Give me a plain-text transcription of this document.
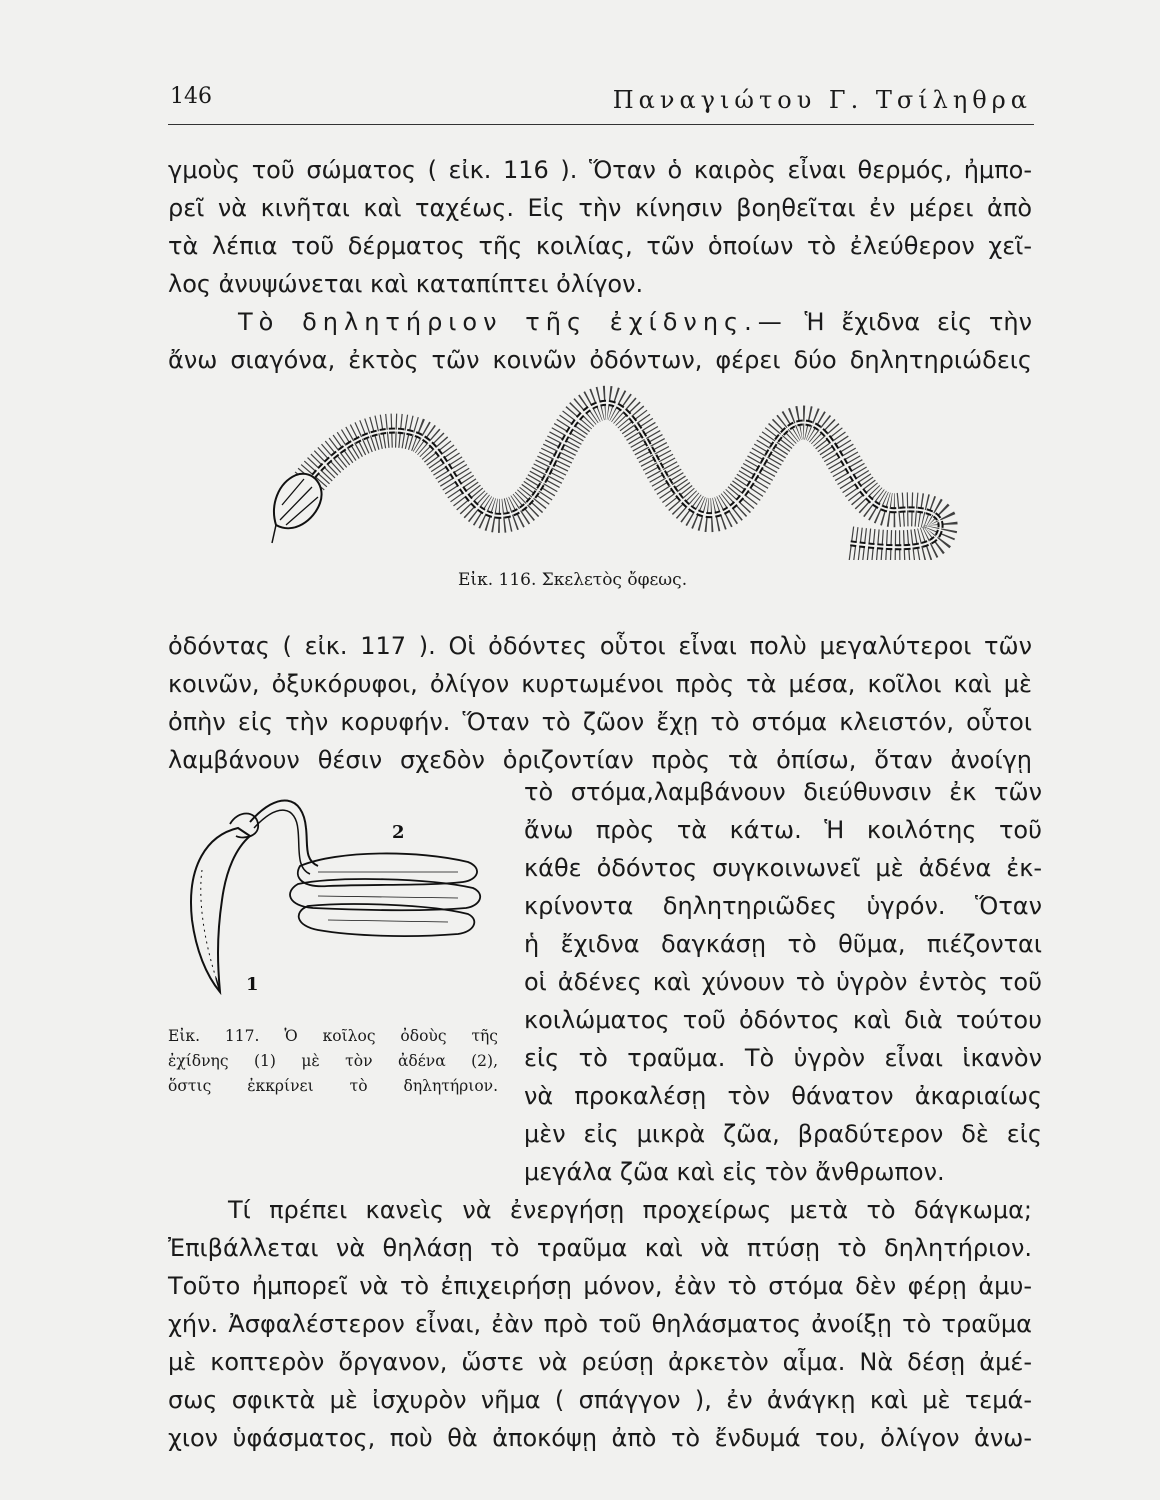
146	Παναγιώτου Γ. Τσίληθρα
γμοὺς τοῦ σώματος ( εἰκ. 116 ). Ὅταν ὁ καιρὸς εἶναι θερμός, ἠμπο-
ρεῖ νὰ κινῆται καὶ ταχέως. Εἰς τὴν κίνησιν βοηθεῖται ἐν μέρει ἀπὸ
τὰ λέπια τοῦ δέρματος τῆς κοιλίας, τῶν ὁποίων τὸ ἐλεύθερον χεῖ-
λος ἀνυψώνεται καὶ καταπίπτει ὀλίγον.
Τὸ δηλητήριον τῆς ἐχίδνης.— Ἡ ἔχιδνα εἰς τὴν
ἄνω σιαγόνα, ἐκτὸς τῶν κοινῶν ὀδόντων, φέρει δύο δηλητηριώδεις
Εἰκ. 116. Σκελετὸς ὄφεως.
ὀδόντας ( εἰκ. 117 ). Οἱ ὀδόντες οὗτοι εἶναι πολὺ μεγαλύτεροι τῶν
κοινῶν, ὀξυκόρυφοι, ὀλίγον κυρτωμένοι πρὸς τὰ μέσα, κοῖλοι καὶ μὲ
ὀπὴν εἰς τὴν κορυφήν. Ὅταν τὸ ζῶον ἔχῃ τὸ στόμα κλειστόν, οὗτοι
λαμβάνουν θέσιν σχεδὸν ὁριζοντίαν πρὸς τὰ ὀπίσω, ὅταν ἀνοίγῃ
1
2
Εἰκ. 117. Ὁ κοῖλος ὀδοὺς τῆς
ἐχίδνης (1) μὲ τὸν ἀδένα (2),
ὅστις ἐκκρίνει τὸ δηλητήριον.
τὸ στόμα,λαμβάνουν διεύθυνσιν ἐκ τῶν
ἄνω πρὸς τὰ κάτω. Ἡ κοιλότης τοῦ
κάθε ὀδόντος συγκοινωνεῖ μὲ ἀδένα ἐκ-
κρίνοντα δηλητηριῶδες ὑγρόν. Ὅταν
ἡ ἔχιδνα δαγκάσῃ τὸ θῦμα, πιέζονται
οἱ ἀδένες καὶ χύνουν τὸ ὑγρὸν ἐντὸς τοῦ
κοιλώματος τοῦ ὀδόντος καὶ διὰ τούτου
εἰς τὸ τραῦμα. Τὸ ὑγρὸν εἶναι ἱκανὸν
νὰ προκαλέσῃ τὸν θάνατον ἀκαριαίως
μὲν εἰς μικρὰ ζῶα, βραδύτερον δὲ εἰς
μεγάλα ζῶα καὶ εἰς τὸν ἄνθρωπον.
Τί πρέπει κανεὶς νὰ ἐνεργήσῃ προχείρως μετὰ τὸ δάγκωμα;
Ἐπιβάλλεται νὰ θηλάσῃ τὸ τραῦμα καὶ νὰ πτύσῃ τὸ δηλητήριον.
Τοῦτο ἠμπορεῖ νὰ τὸ ἐπιχειρήσῃ μόνον, ἐὰν τὸ στόμα δὲν φέρῃ ἀμυ-
χήν. Ἀσφαλέστερον εἶναι, ἐὰν πρὸ τοῦ θηλάσματος ἀνοίξῃ τὸ τραῦμα
μὲ κοπτερὸν ὄργανον, ὥστε νὰ ρεύσῃ ἀρκετὸν αἷμα. Νὰ δέσῃ ἀμέ-
σως σφικτὰ μὲ ἰσχυρὸν νῆμα ( σπάγγον ), ἐν ἀνάγκῃ καὶ μὲ τεμά-
χιον ὑφάσματος, ποὺ θὰ ἀποκόψῃ ἀπὸ τὸ ἔνδυμά του, ὀλίγον ἀνω-
